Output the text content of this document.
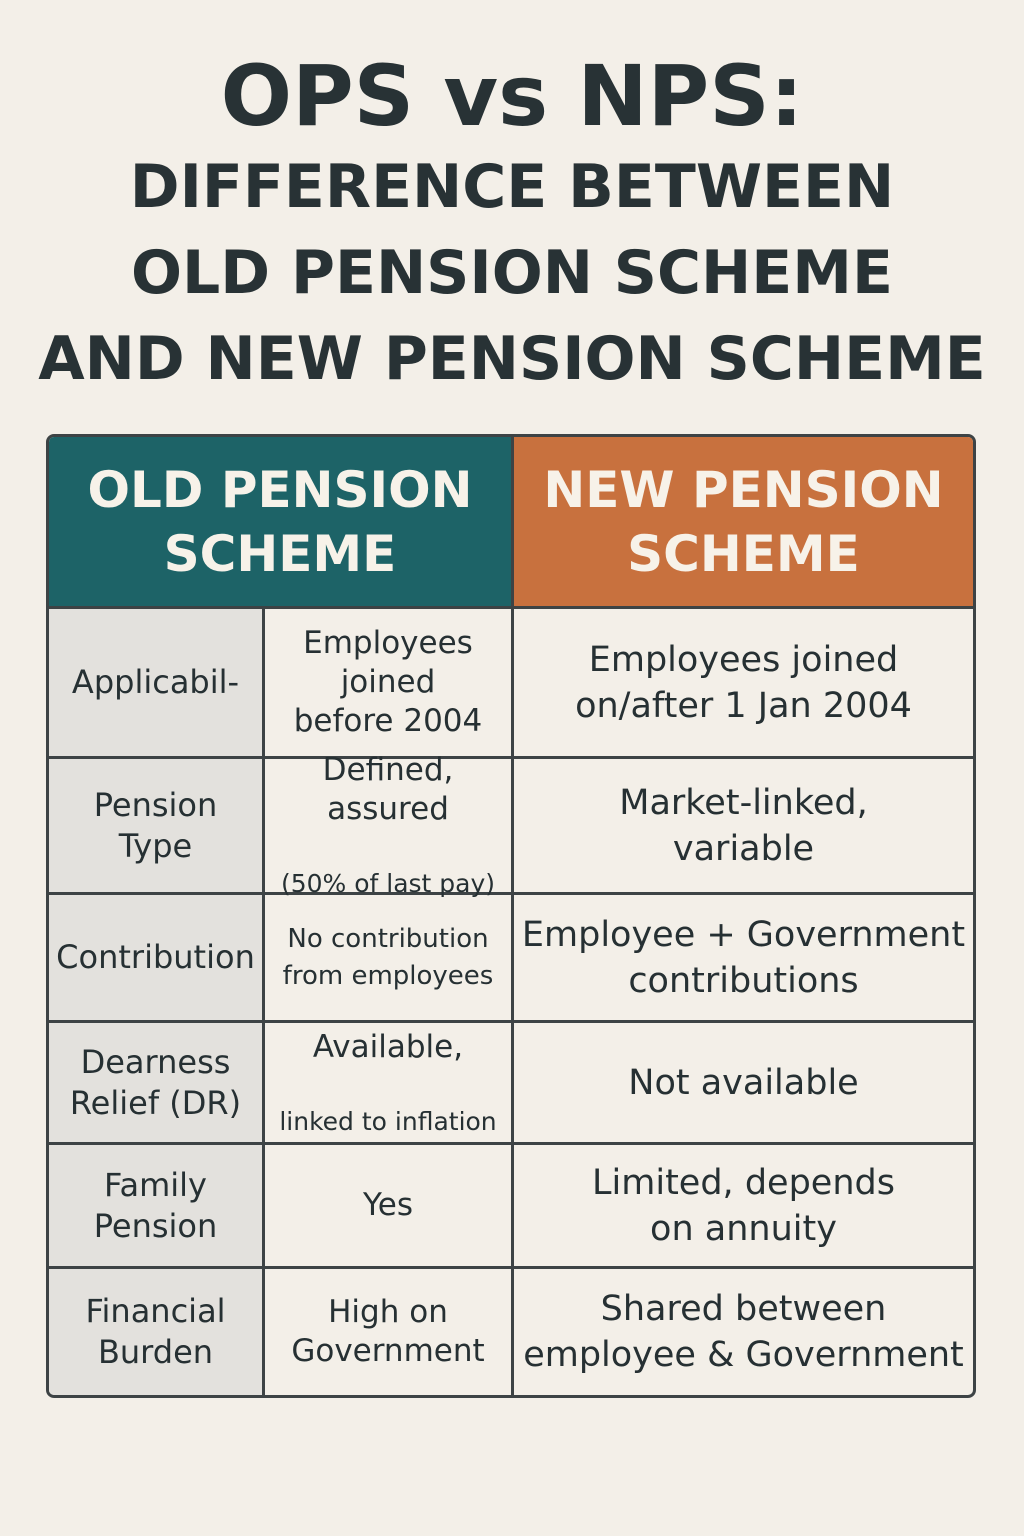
OPS vs NPS:
DIFFERENCE BETWEEN
OLD PENSION SCHEME
AND NEW PENSION SCHEME
OLD PENSION
SCHEME
NEW PENSION
SCHEME
Applicabil-
Employees
joined
before 2004
Employees joined
on/after 1 Jan 2004
Pension
Type

Defined,
assured

(50% of last pay)

Market-linked,
variable
Contribution	No contribution
from employees
Employee + Government
contributions
Dearness
Relief (DR)

Available,

linked to inflation

Not available
Family
Pension
Yes
Limited, depends
on annuity
Financial
Burden
High on
Government
Shared between
employee & Government
